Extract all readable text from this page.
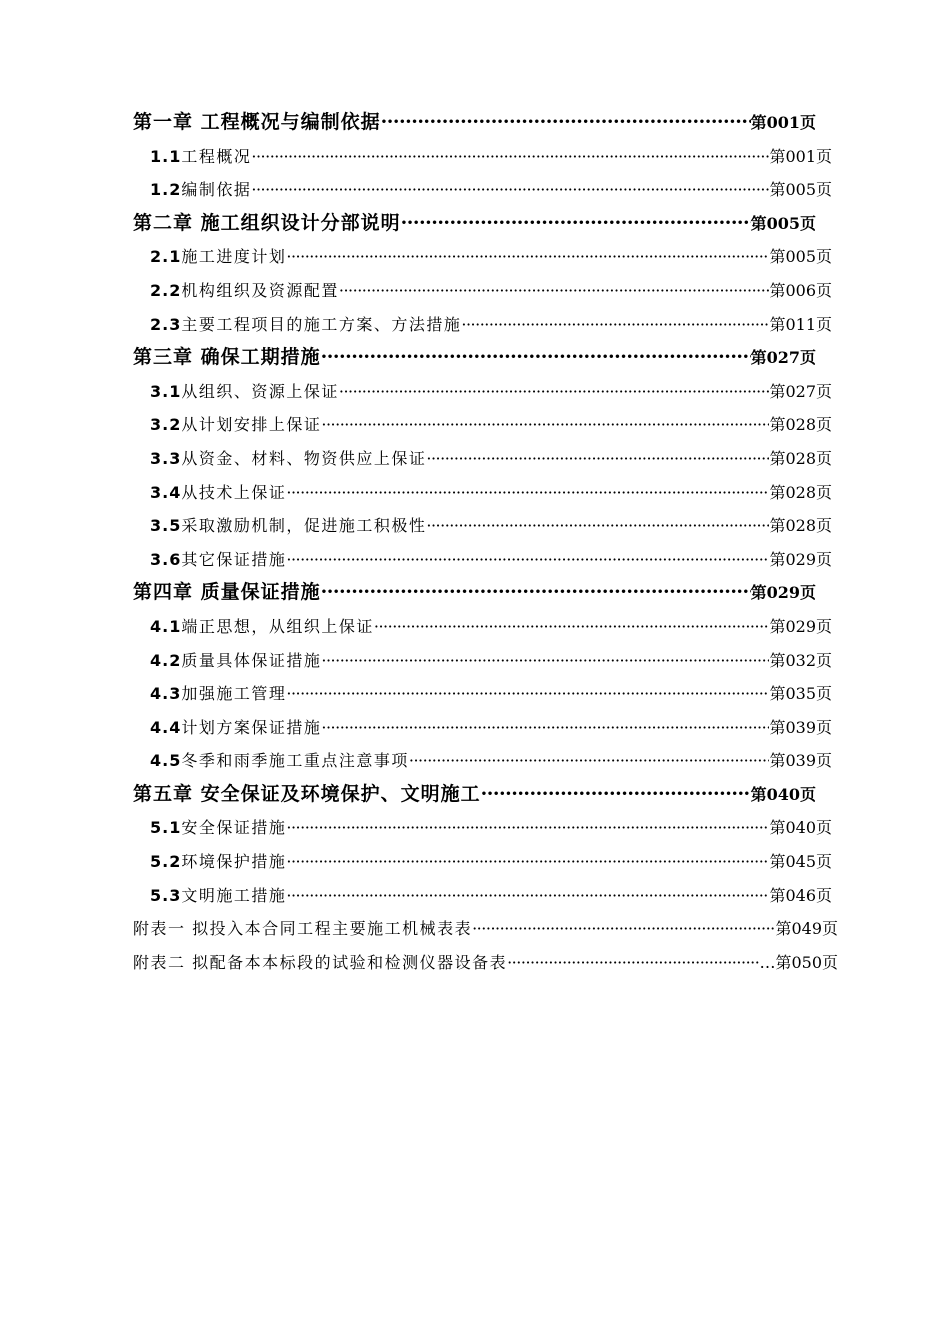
第一章 工程概况与编制依据 ·····	第001页
1.1 工程概况 ·····	第001页
1.2 编制依据 ·····	第005页
第二章 施工组织设计分部说明 ·····	第005页
2.1 施工进度计划 ·····	第005页
2.2 机构组织及资源配置 ·····	第006页
2.3 主要工程项目的施工方案、方法措施 ·····	第011页
第三章 确保工期措施 ·····	第027页
3.1 从组织、资源上保证 ·····	第027页
3.2 从计划安排上保证 ·····	第028页
3.3 从资金、材料、物资供应上保证 ·····	第028页
3.4 从技术上保证 ·····	第028页
3.5 采取激励机制，促进施工积极性 ·····	第028页
3.6 其它保证措施 ·····	第029页
第四章 质量保证措施 ·····	第029页
4.1 端正思想，从组织上保证 ·····	第029页
4.2 质量具体保证措施 ·····	第032页
4.3 加强施工管理 ·····	第035页
4.4 计划方案保证措施 ·····	第039页
4.5 冬季和雨季施工重点注意事项 ·····	第039页
第五章 安全保证及环境保护、文明施工 ·····	第040页
5.1 安全保证措施 ·····	第040页
5.2 环境保护措施 ·····	第045页
5.3 文明施工措施 ·····	第046页
附表一 拟投入本合同工程主要施工机械表表 ·····	第049页
附表二 拟配备本本标段的试验和检测仪器设备表 ·····	…第050页
